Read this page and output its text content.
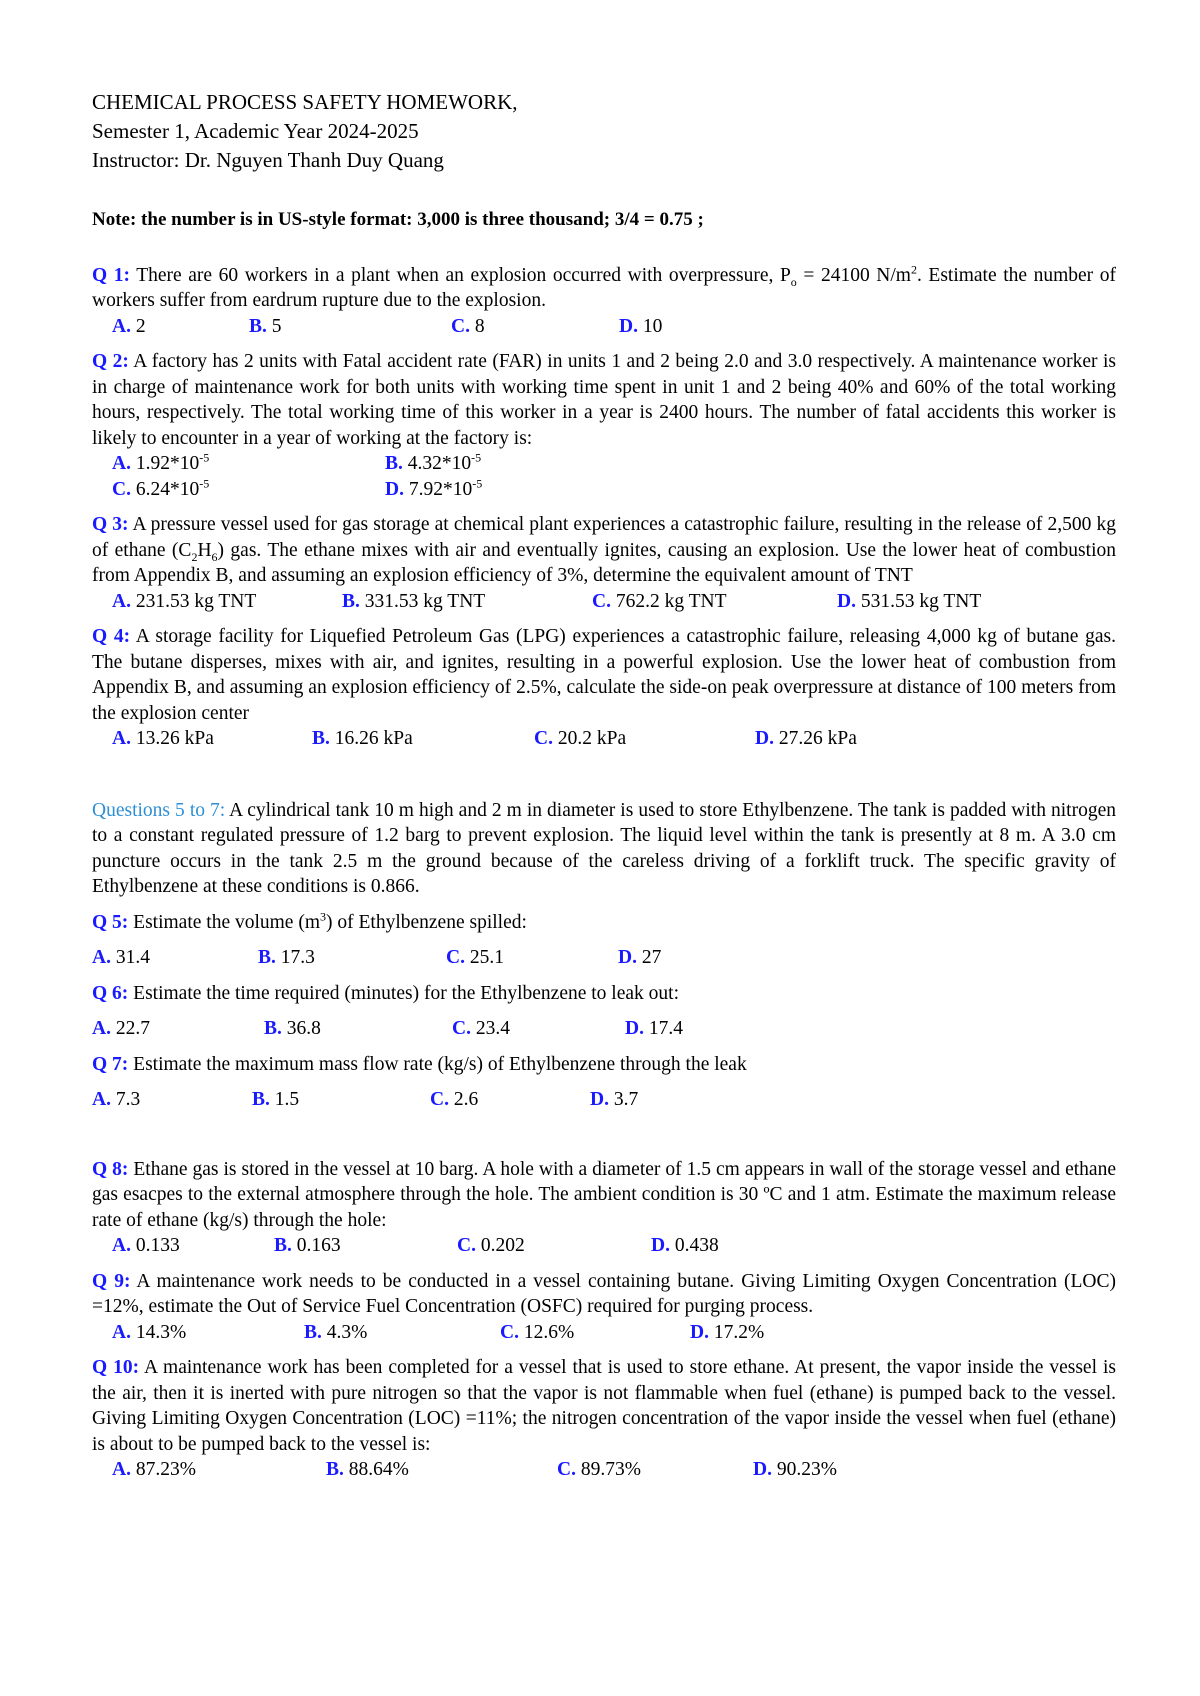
CHEMICAL PROCESS SAFETY HOMEWORK,
Semester 1, Academic Year 2024-2025
Instructor: Dr. Nguyen Thanh Duy Quang
Note: the number is in US-style format: 3,000 is three thousand; 3/4 = 0.75 ;
Q 1: There are 60 workers in a plant when an explosion occurred with overpressure, $P_o = 24100$ $N/m^2$. Estimate the number of workers suffer from eardrum rupture due to the explosion.
A. 2	B. 5	C. 8	D. 10
Q 2: A factory has 2 units with Fatal accident rate (FAR) in units 1 and 2 being 2.0 and 3.0 respectively. A maintenance worker is in charge of maintenance work for both units with working time spent in unit 1 and 2 being 40% and 60% of the total working hours, respectively. The total working time of this worker in a year is 2400 hours. The number of fatal accidents this worker is likely to encounter in a year of working at the factory is:
A. $1.92*10^{-5}$	B. $4.32*10^{-5}$
C. $6.24*10^{-5}$	D. $7.92*10^{-5}$
Q 3: A pressure vessel used for gas storage at chemical plant experiences a catastrophic failure, resulting in the release of 2,500 kg of ethane $(C_2H_6)$ gas. The ethane mixes with air and eventually ignites, causing an explosion. Use the lower heat of combustion from Appendix B, and assuming an explosion efficiency of 3%, determine the equivalent amount of TNT
A. 231.53 kg TNT	B. 331.53 kg TNT	C. 762.2 kg TNT	D. 531.53 kg TNT
Q 4: A storage facility for Liquefied Petroleum Gas (LPG) experiences a catastrophic failure, releasing 4,000 kg of butane gas. The butane disperses, mixes with air, and ignites, resulting in a powerful explosion. Use the lower heat of combustion from Appendix B, and assuming an explosion efficiency of 2.5%, calculate the side-on peak overpressure at distance of 100 meters from the explosion center
A. 13.26 kPa	B. 16.26 kPa	C. 20.2 kPa	D. 27.26 kPa
Questions 5 to 7: A cylindrical tank 10 m high and 2 m in diameter is used to store Ethylbenzene. The tank is padded with nitrogen to a constant regulated pressure of 1.2 barg to prevent explosion. The liquid level within the tank is presently at 8 m. A 3.0 cm puncture occurs in the tank 2.5 m the ground because of the careless driving of a forklift truck. The specific gravity of Ethylbenzene at these conditions is 0.866.
Q 5: Estimate the volume $(m^3)$ of Ethylbenzene spilled:
A. 31.4	B. 17.3	C. 25.1	D. 27
Q 6: Estimate the time required (minutes) for the Ethylbenzene to leak out:
A. 22.7	B. 36.8	C. 23.4	D. 17.4
Q 7: Estimate the maximum mass flow rate (kg/s) of Ethylbenzene through the leak
A. 7.3	B. 1.5	C. 2.6	D. 3.7
Q 8: Ethane gas is stored in the vessel at 10 barg. A hole with a diameter of 1.5 cm appears in wall of the storage vessel and ethane gas esacpes to the external atmosphere through the hole. The ambient condition is 30 ºC and 1 atm. Estimate the maximum release rate of ethane (kg/s) through the hole:
A. 0.133	B. 0.163	C. 0.202	D. 0.438
Q 9: A maintenance work needs to be conducted in a vessel containing butane. Giving Limiting Oxygen Concentration (LOC) =12%, estimate the Out of Service Fuel Concentration (OSFC) required for purging process.
A. 14.3%	B. 4.3%	C. 12.6%	D. 17.2%
Q 10: A maintenance work has been completed for a vessel that is used to store ethane. At present, the vapor inside the vessel is the air, then it is inerted with pure nitrogen so that the vapor is not flammable when fuel (ethane) is pumped back to the vessel. Giving Limiting Oxygen Concentration (LOC) =11%; the nitrogen concentration of the vapor inside the vessel when fuel (ethane) is about to be pumped back to the vessel is:
A. 87.23%	B. 88.64%	C. 89.73%	D. 90.23%
